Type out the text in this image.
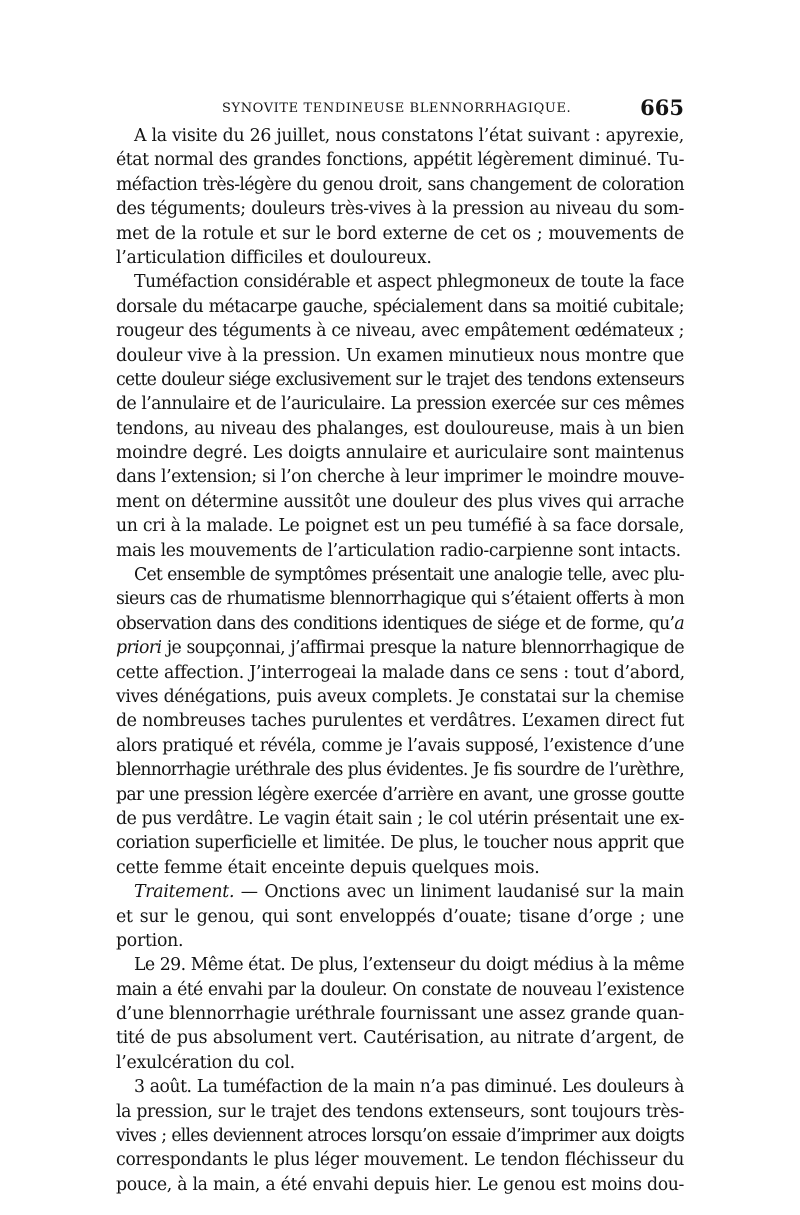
SYNOVITE TENDINEUSE BLENNORRHAGIQUE.	665
A la visite du 26 juillet, nous constatons l’état suivant : apyrexie,
état normal des grandes fonctions, appétit légèrement diminué. Tu-
méfaction très-légère du genou droit, sans changement de coloration
des téguments; douleurs très-vives à la pression au niveau du som-
met de la rotule et sur le bord externe de cet os ; mouvements de
l’articulation difficiles et douloureux.
Tuméfaction considérable et aspect phlegmoneux de toute la face
dorsale du métacarpe gauche, spécialement dans sa moitié cubitale;
rougeur des téguments à ce niveau, avec empâtement œdémateux ;
douleur vive à la pression. Un examen minutieux nous montre que
cette douleur siége exclusivement sur le trajet des tendons extenseurs
de l’annulaire et de l’auriculaire. La pression exercée sur ces mêmes
tendons, au niveau des phalanges, est douloureuse, mais à un bien
moindre degré. Les doigts annulaire et auriculaire sont maintenus
dans l’extension; si l’on cherche à leur imprimer le moindre mouve-
ment on détermine aussitôt une douleur des plus vives qui arrache
un cri à la malade. Le poignet est un peu tuméfié à sa face dorsale,
mais les mouvements de l’articulation radio-carpienne sont intacts.
Cet ensemble de symptômes présentait une analogie telle, avec plu-
sieurs cas de rhumatisme blennorrhagique qui s’étaient offerts à mon
observation dans des conditions identiques de siége et de forme, qu’a
priori je soupçonnai, j’affirmai presque la nature blennorrhagique de
cette affection. J’interrogeai la malade dans ce sens : tout d’abord,
vives dénégations, puis aveux complets. Je constatai sur la chemise
de nombreuses taches purulentes et verdâtres. L’examen direct fut
alors pratiqué et révéla, comme je l’avais supposé, l’existence d’une
blennorrhagie uréthrale des plus évidentes. Je fis sourdre de l’urèthre,
par une pression légère exercée d’arrière en avant, une grosse goutte
de pus verdâtre. Le vagin était sain ; le col utérin présentait une ex-
coriation superficielle et limitée. De plus, le toucher nous apprit que
cette femme était enceinte depuis quelques mois.
Traitement. — Onctions avec un liniment laudanisé sur la main
et sur le genou, qui sont enveloppés d’ouate; tisane d’orge ; une
portion.
Le 29. Même état. De plus, l’extenseur du doigt médius à la même
main a été envahi par la douleur. On constate de nouveau l’existence
d’une blennorrhagie uréthrale fournissant une assez grande quan-
tité de pus absolument vert. Cautérisation, au nitrate d’argent, de
l’exulcération du col.
3 août. La tuméfaction de la main n’a pas diminué. Les douleurs à
la pression, sur le trajet des tendons extenseurs, sont toujours très-
vives ; elles deviennent atroces lorsqu’on essaie d’imprimer aux doigts
correspondants le plus léger mouvement. Le tendon fléchisseur du
pouce, à la main, a été envahi depuis hier. Le genou est moins dou-
